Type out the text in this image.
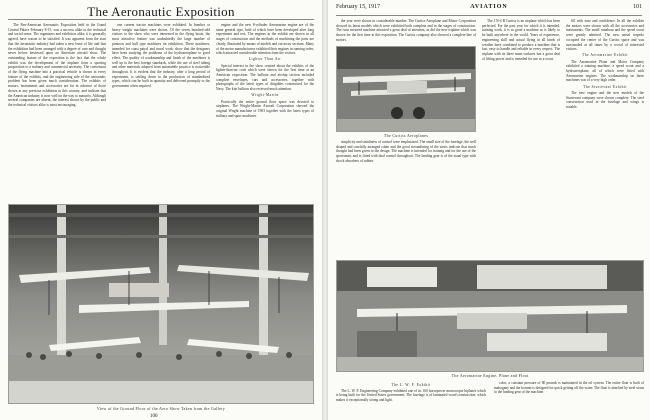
The Aeronautic Exposition

The Pan-American Aeronautic Exposition held in the Grand Central Palace February 8-15, was a success alike in the technical and social sense. The organizers and exhibitors alike, it is generally agreed, have reason to be satisfied. It was apparent from the start that the aeronautic industry had taken a new lease of life and that the exhibition had been arranged with a degree of care and thought never before bestowed upon an American aircraft show. The outstanding feature of the exposition is the fact that the whole exhibit was the development of the airplane from a sporting proposition to a military and commercial necessity. The conversion of the flying machine into a practical vehicle is shown in every feature of the exhibits, and the engineering side of the aeronautic problem has been given much consideration. The exhibits of motors, instruments and accessories are far in advance of those shown at any previous exhibition in this country, and indicate that the American industry is now well on the way to maturity. Although several companies are absent, the interest shown by the public and the technical visitors alike is most encouraging.

one current tractor machines were exhibited. In bomber or heavy weight machines were shown. Of the seven hundred-odd visitors to the show who were interested in the flying boats, the most attractive feature was undoubtedly the large number of pontoon and hull type machines on exhibition. These machines, intended for coast patrol and naval work, show that the designers have been studying the problems of the hydroaeroplane to good effect. The quality of workmanship and finish of the machines is well up to the best foreign standards, while the use of steel tubing and other materials adopted from automobile practice is noticeable throughout. It is evident that the industry, after a long period of experiment, is settling down to the production of standardized types, which can be built in quantity and delivered promptly to the government when required.

engine and the new 8-cylinder Aeromarine engine are of the same general type, both of which have been developed after long experiment and test. The engines in the exhibit are shown in all stages of construction and the methods of machining the parts are clearly illustrated by means of models and cut-away sections. Many of the motor manufacturers exhibited their engines in running order, which attracted considerable attention from the visitors.

Lighter Than Air

Special interest in the show centred about the exhibits of the lighter-than-air craft which were shown for the first time at an American exposition. The balloon and airship section included complete envelopes, cars and accessories, together with photographs of the latest types of dirigibles constructed for the Navy. The kite balloon also received much attention.

Wright-Martin

Practically the entire ground floor space was devoted to airplanes. The Wright-Martin Aircraft Corporation showed the original Wright machine of 1903 together with the latest types of military and sport machines.

View of the Ground Floor of the Aero Show Taken from the Gallery
100
February 15, 1917	AVIATION	101

the year were shown in considerable number. The Curtiss Aeroplane and Motor Corporation showed its latest models which were exhibited both complete and in the stages of construction. The twin motored machine attracted a great deal of attention, as did the new triplane which was shown for the first time at this exposition. The Curtiss company also showed a complete line of motors.

The Curtiss Aeroplanes

simplicity and steadiness of control were emphasized. The small size of the fuselage, the well shaped and carefully arranged cabin and the good streamlining of the struts indicate that much thought had been given to the design. The machine is intended for training and for the use of the sportsman, and is fitted with dual control throughout. The landing gear is of the usual type with shock absorbers of rubber.

The J N-4 B Curtiss is an airplane which has been perfected. For the past year for which it is intended, training work, it is as good a machine as is likely to be built anywhere in the world. Years of experience, engineering skill and actual flying in all kinds of weather have combined to produce a machine that is fast, easy to handle and reliable in every respect. The triplane with its three main surfaces has a great deal of lifting power and is intended for use as a scout.

fill with ease and confidence. In all the exhibits the motors were shown with all the accessories and instruments. The small runabout and the speed scout were greatly admired. The new aerial torpedo occupied the center of the Curtiss space and was surrounded at all times by a crowd of interested visitors.

The Aeromarine Exhibit

The Aeromarine Plane and Motor Company exhibited a training machine, a speed scout and a hydroaeroplane, all of which were fitted with Aeromarine engines. The workmanship on these machines was of a very high order.

The Sturtevant Exhibit

The new engine and the new models of the Sturtevant company were shown complete. The steel construction used in the fuselage and wings is notable.

The Aeromarine Engine, Plane and Float
The L. W. F. Exhibit

The L. W. F. Engineering Company exhibited one of its 160 horsepower monocoque biplanes which is being built for the United States government. The fuselage is of laminated wood construction, which makes it exceptionally strong and light.

color, a constant pressure of 80 pounds is maintained in the oil system. The entire float is built of mahogany and the bottom is designed for quick getting off the water. The float is attached by steel struts to the landing gear of the machine.
